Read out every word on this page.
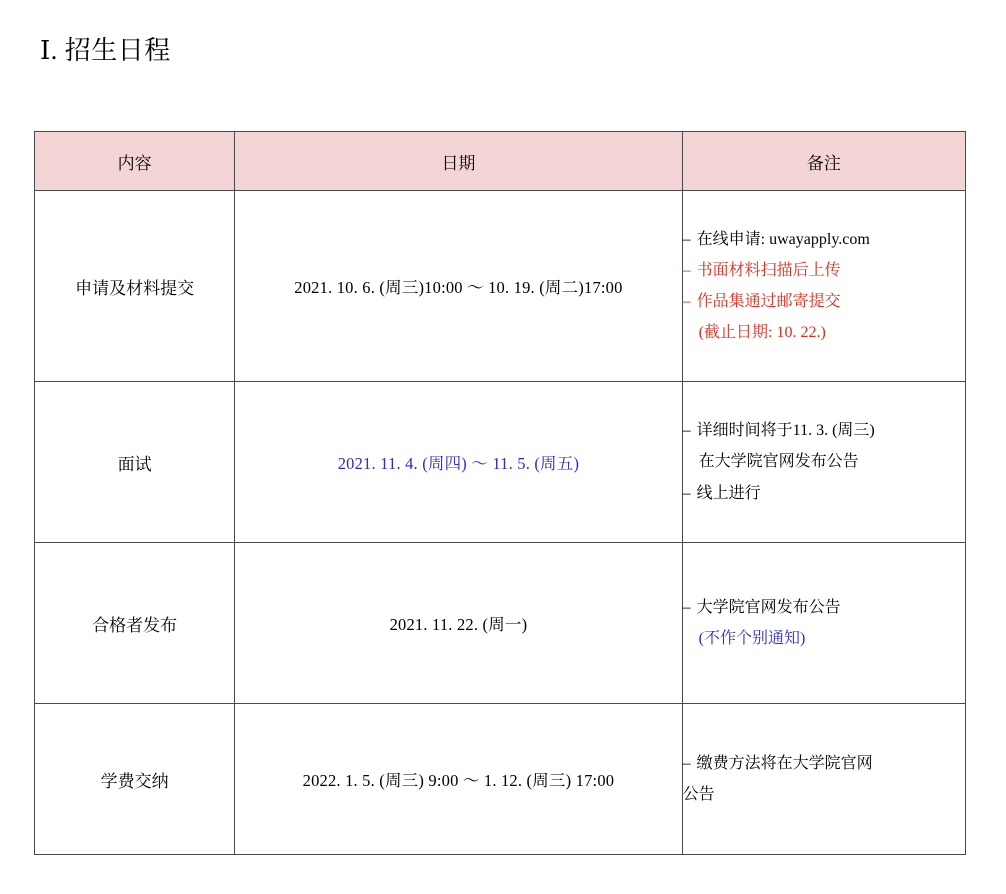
Ⅰ. 招生日程
内容	日期	备注
申请及材料提交	2021. 10. 6. (周三)10:00 ～ 10. 19. (周二)17:00	– 在线申请: uwayapply.com
– 书面材料扫描后上传
– 作品集通过邮寄提交
(截止日期: 10. 22.)

面试	2021. 11. 4. (周四) ～ 11. 5. (周五)	– 详细时间将于11. 3. (周三)
在大学院官网发布公告
– 线上进行

合格者发布	2021. 11. 22. (周一)	– 大学院官网发布公告
(不作个别通知)

学费交纳	2022. 1. 5. (周三) 9:00 ～ 1. 12. (周三) 17:00	– 缴费方法将在大学院官网
公告
